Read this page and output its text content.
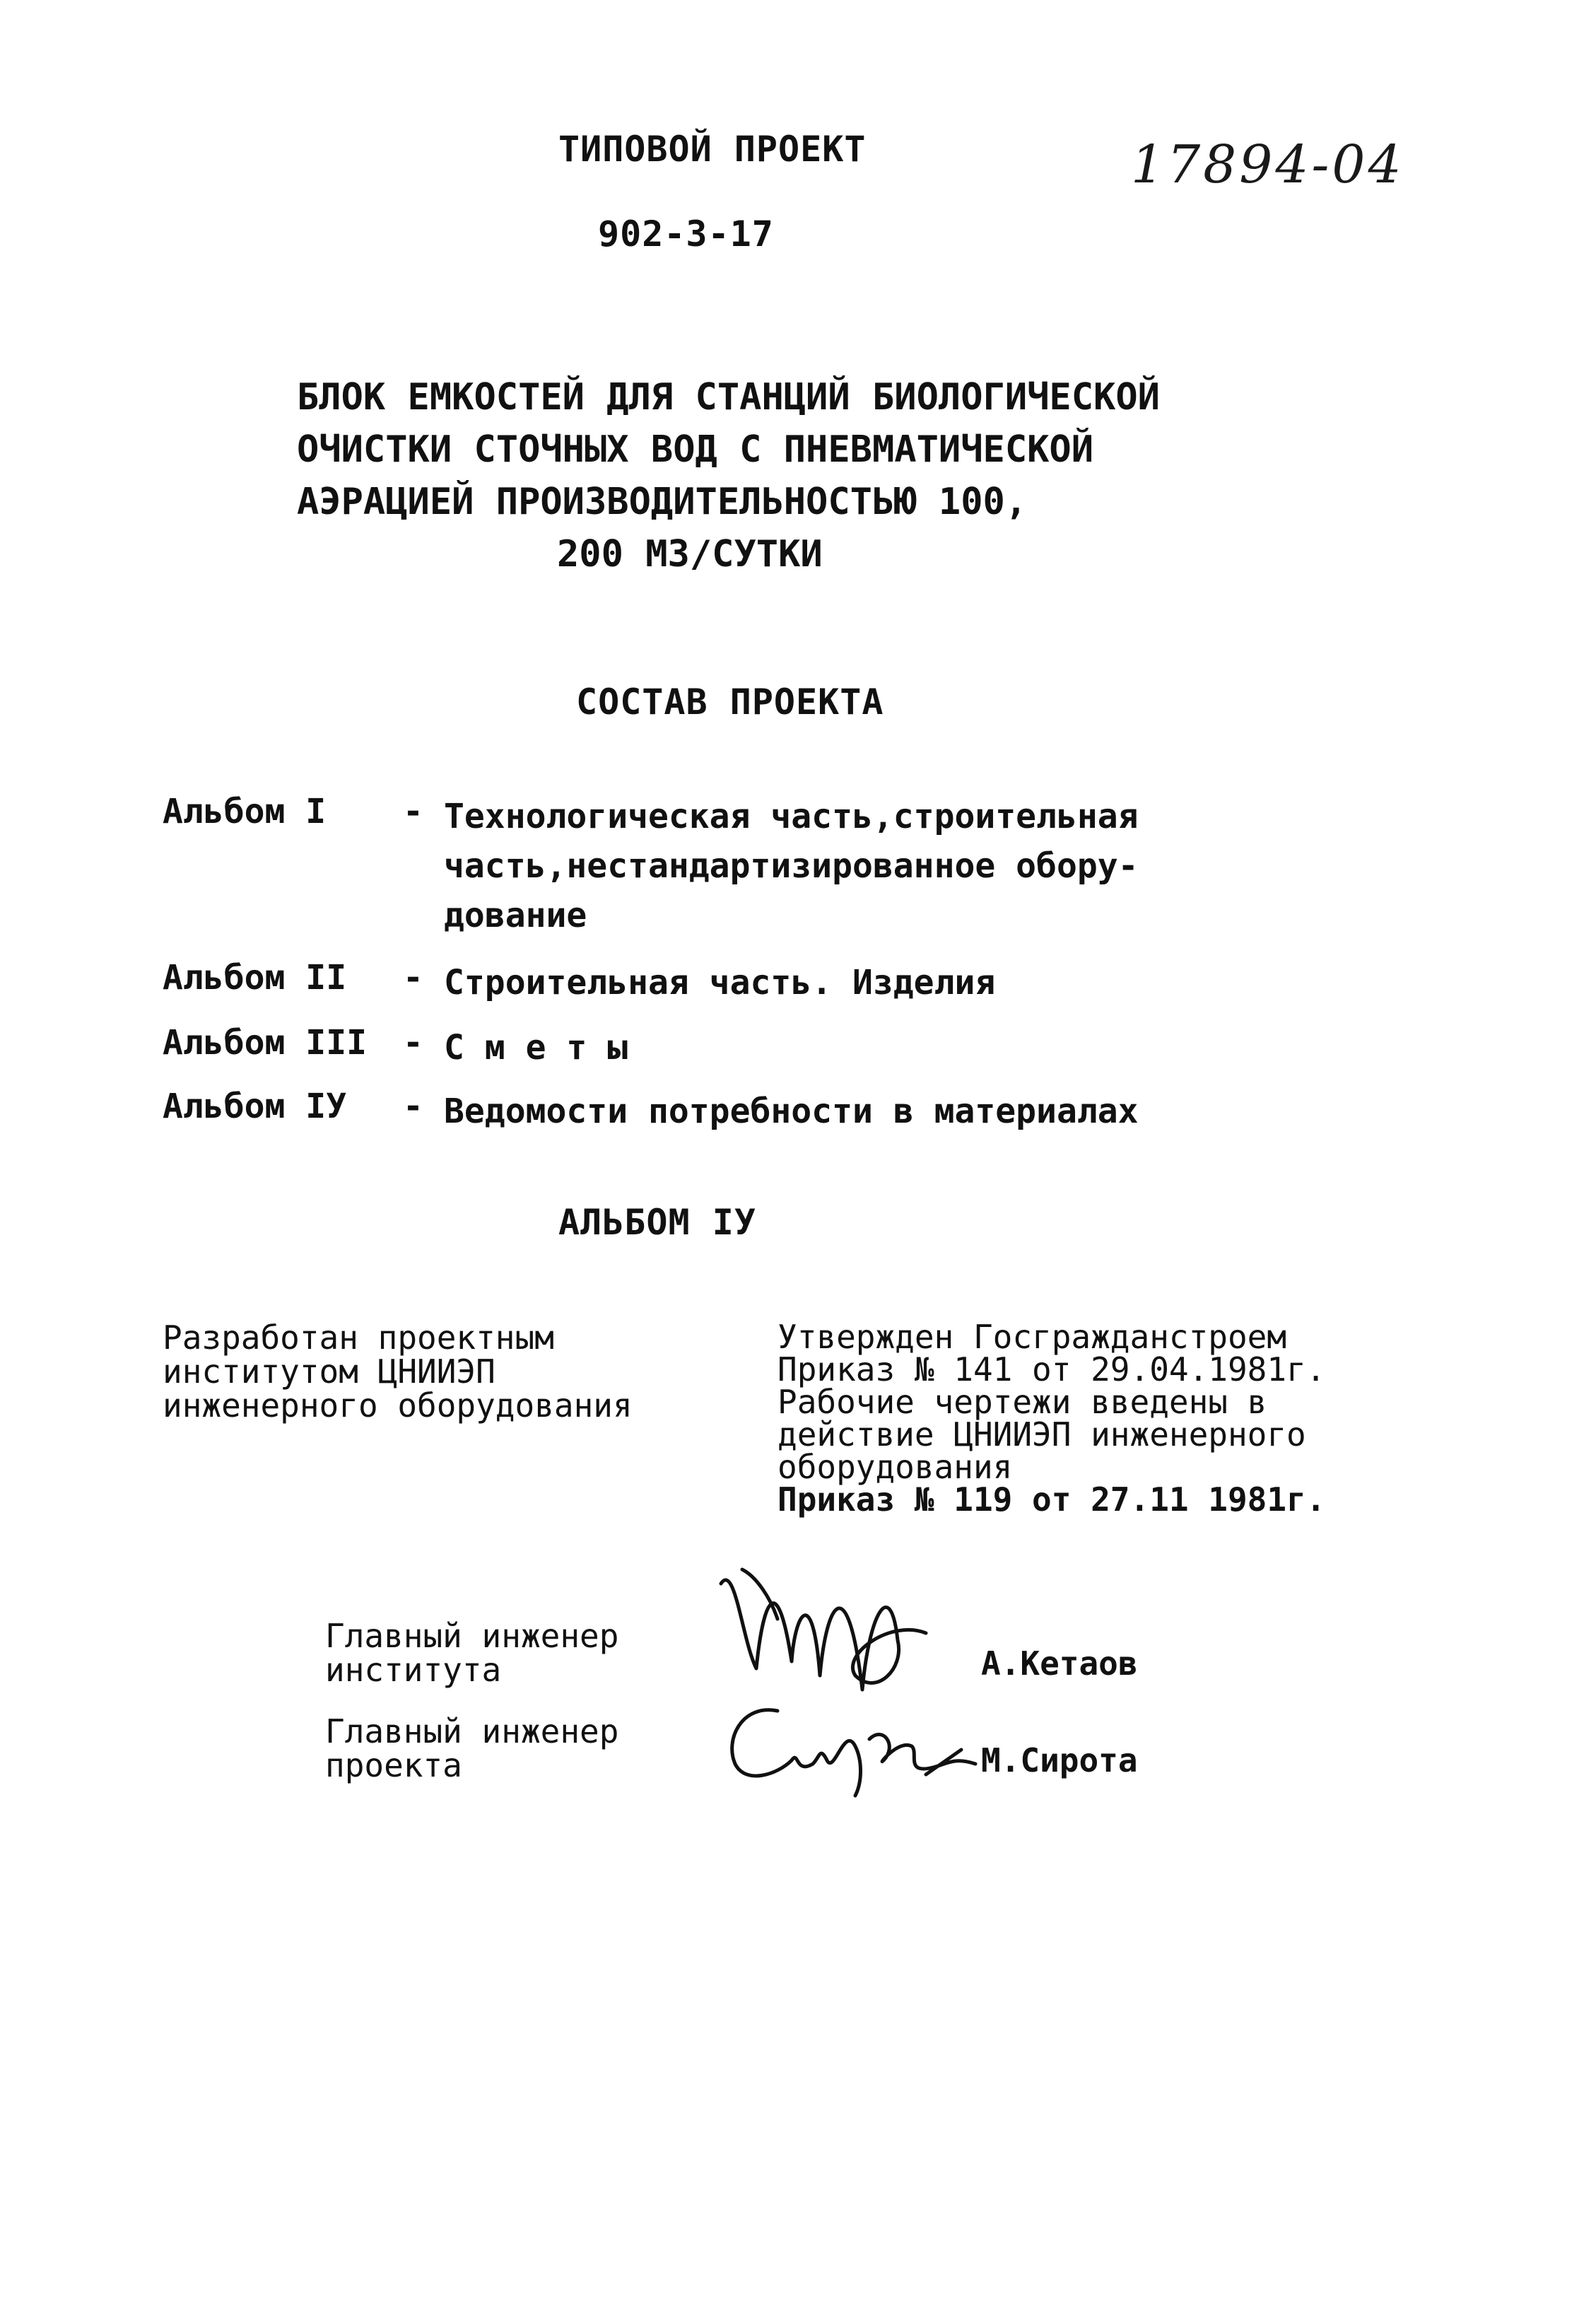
ТИПОВОЙ ПРОЕКТ
902-3-17
17894-04
БЛОК ЕМКОСТЕЙ ДЛЯ СТАНЦИЙ БИОЛОГИЧЕСКОЙ
ОЧИСТКИ СТОЧНЫХ ВОД С ПНЕВМАТИЧЕСКОЙ
АЭРАЦИЕЙ ПРОИЗВОДИТЕЛЬНОСТЬЮ 100,
200 М3/СУТКИ
СОСТАВ ПРОЕКТА
Альбом I - Технологическая часть,строительная
часть,нестандартизированное обору-
дование
Альбом II - Строительная часть. Изделия
Альбом III - С м е т ы
Альбом IУ - Ведомости потребности в материалах
АЛЬБОМ IУ
Разработан проектным
институтом ЦНИИЭП
инженерного оборудования
Утвержден Госгражданстроем
Приказ № 141 от 29.04.1981г.
Рабочие чертежи введены в
действие ЦНИИЭП инженерного
оборудования
Приказ № 119 от 27.11 1981г.
Главный инженер
института	А.Кетаов
Главный инженер
проекта	М.Сирота
